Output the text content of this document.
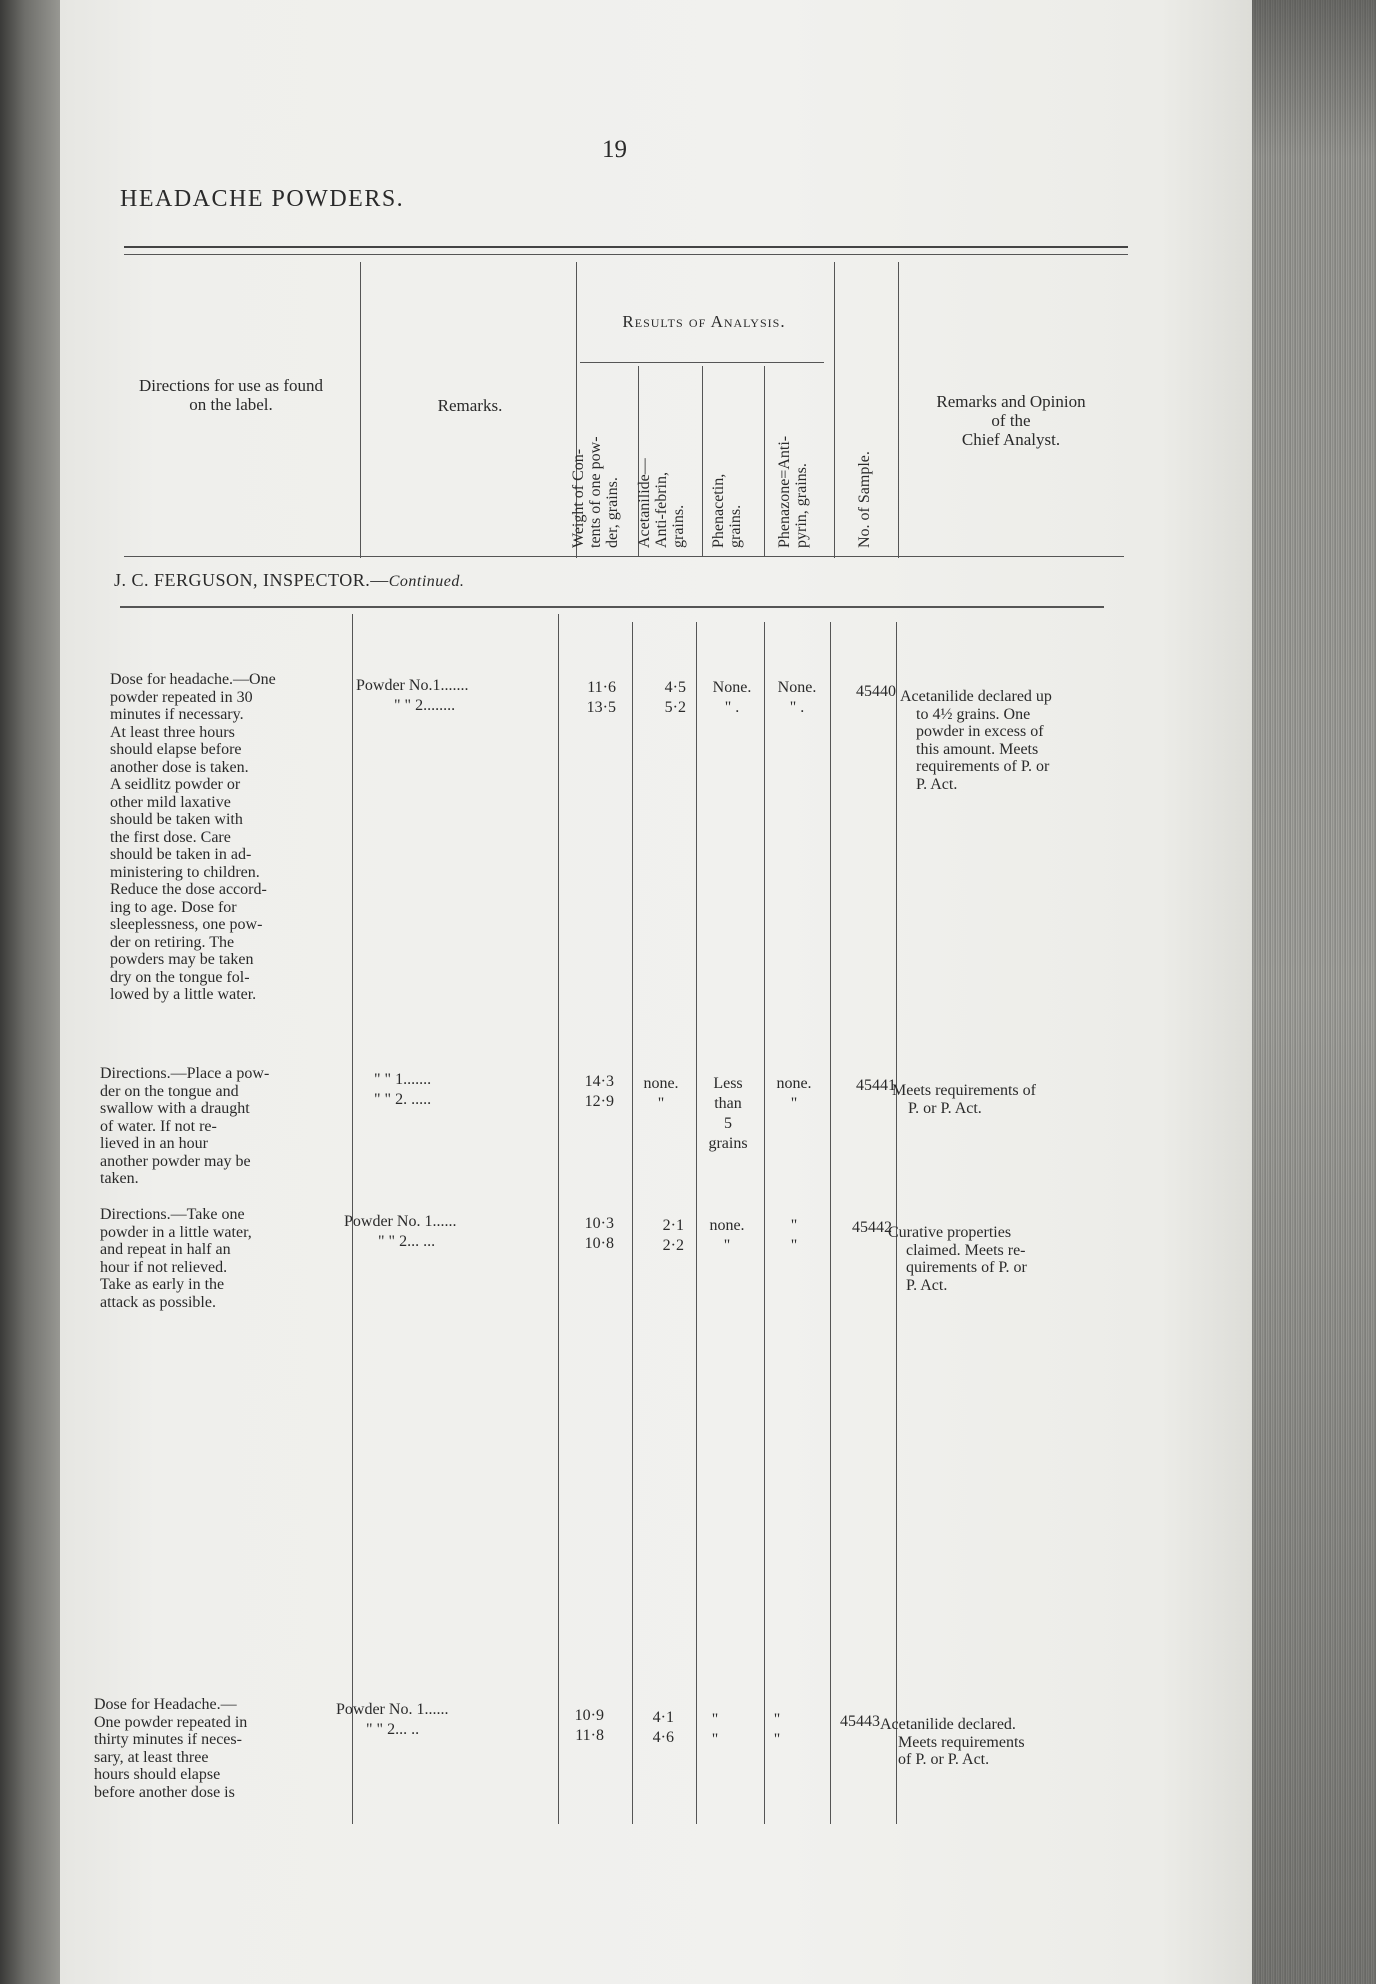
19
HEADACHE POWDERS.
Directions for use as found on the label.	Remarks.
Results of Analysis.
Weight of Con- tents of one pow- der, grains. Acetanilide— Anti-febrin, grains. Phenacetin, grains. Phenazone=Anti- pyrin, grains.	No. of Sample.
Remarks and Opinion
of the
Chief Analyst.
J. C. FERGUSON, INSPECTOR.—Continued.
Dose for headache.—One
powder repeated in 30
minutes if necessary.
At least three hours
should elapse before
another dose is taken.
A seidlitz powder or
other mild laxative
should be taken with
the first dose. Care
should be taken in ad-
ministering to children.
Reduce the dose accord-
ing to age. Dose for
sleeplessness, one pow-
der on retiring. The
powders may be taken
dry on the tongue fol-
lowed by a little water.
Powder No.1.......
" " 2........
11·6
13·5
4·5
5·2
None.
" .
None.
" .
45440 Acetanilide declared up
to 4½ grains. One
powder in excess of
this amount. Meets
requirements of P. or
P. Act.
Directions.—Place a pow-
der on the tongue and
swallow with a draught
of water. If not re-
lieved in an hour
another powder may be
taken.
" " 1.......
" " 2. .....
14·3
12·9
none.
"
Less
than
5
grains
none.
"
45441
Meets requirements of
P. or P. Act.
Directions.—Take one
powder in a little water,
and repeat in half an
hour if not relieved.
Take as early in the
attack as possible.
Powder No. 1......
" " 2... ...
10·3
10·8
2·1
2·2
none.
"
"
"
45442
Curative properties
claimed. Meets re-
quirements of P. or
P. Act.
Dose for Headache.—
One powder repeated in
thirty minutes if neces-
sary, at least three
hours should elapse
before another dose is
Powder No. 1......
" " 2... ..
10·9
11·8
4·1
4·6
"
"
"
"
45443 Acetanilide declared.
Meets requirements
of P. or P. Act.
